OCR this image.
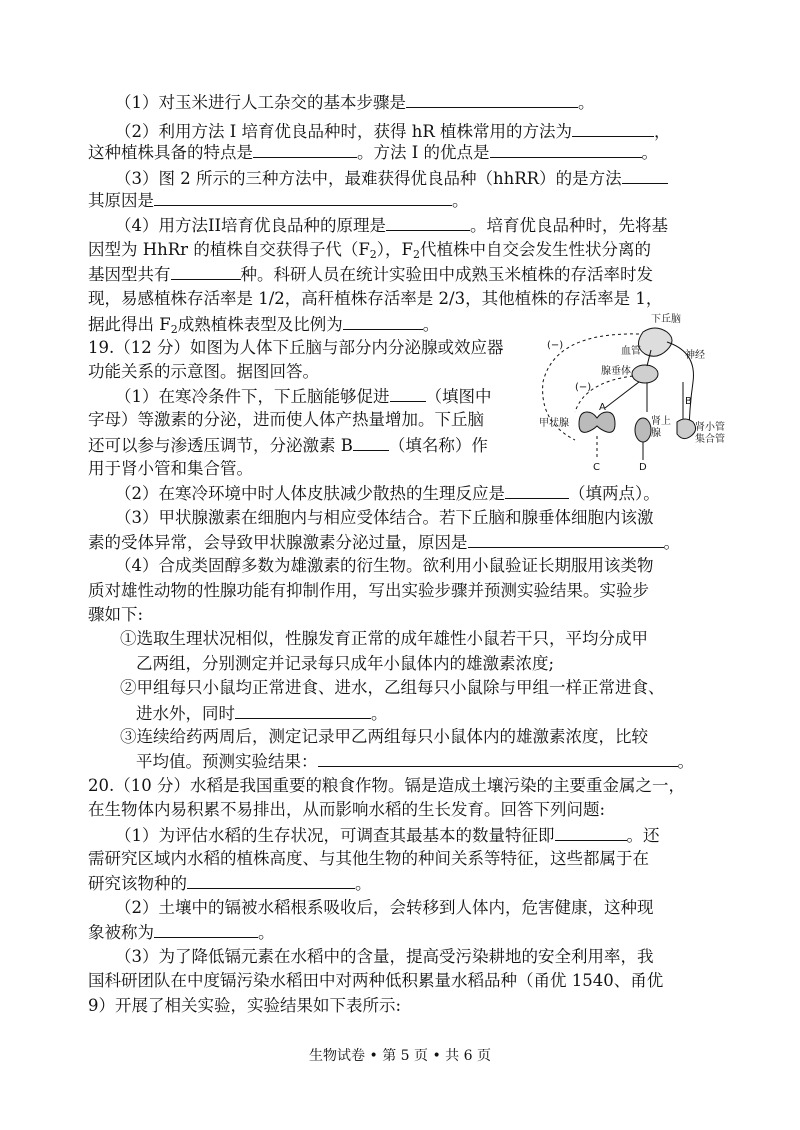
（1）对玉米进行人工杂交的基本步骤是	。
（2）利用方法 I 培育优良品种时，获得 hR 植株常用的方法为	，
这种植株具备的特点是	。方法 I 的优点是	。
（3）图 2 所示的三种方法中，最难获得优良品种（hhRR）的是方法
其原因是	。
（4）用方法II培育优良品种的原理是	。培育优良品种时，先将基
因型为 HhRr 的植株自交获得子代$(F_2)$，$F_2$代植株中自交会发生性状分离的
基因型共有	种。科研人员在统计实验田中成熟玉米植株的存活率时发
现，易感植株存活率是 1/2，高秆植株存活率是 2/3，其他植株的存活率是 1，
据此得出 $F_2$成熟植株表型及比例为	。
19.（12 分）如图为人体下丘脑与部分内分泌腺或效应器
功能关系的示意图。据图回答。
（1）在寒冷条件下，下丘脑能够促进 （填图中
字母）等激素的分泌，进而使人体产热量增加。下丘脑
还可以参与渗透压调节，分泌激素 B （填名称）作
用于肾小管和集合管。
（2）在寒冷环境中时人体皮肤减少散热的生理反应是	（填两点）。
（3）甲状腺激素在细胞内与相应受体结合。若下丘脑和腺垂体细胞内该激
素的受体异常，会导致甲状腺激素分泌过量，原因是	。
（4）合成类固醇多数为雄激素的衍生物。欲利用小鼠验证长期服用该类物
质对雄性动物的性腺功能有抑制作用，写出实验步骤并预测实验结果。实验步
骤如下:
①选取生理状况相似，性腺发育正常的成年雄性小鼠若干只，平均分成甲
乙两组，分别测定并记录每只成年小鼠体内的雄激素浓度;
②甲组每只小鼠均正常进食、进水，乙组每只小鼠除与甲组一样正常进食、
进水外，同时	。
③连续给药两周后，测定记录甲乙两组每只小鼠体内的雄激素浓度，比较
平均值。预测实验结果：	。
20.（10 分）水稻是我国重要的粮食作物。镉是造成土壤污染的主要重金属之一，
在生物体内易积累不易排出，从而影响水稻的生长发育。回答下列问题:
（1）为评估水稻的生存状况，可调查其最基本的数量特征即	。还
需研究区域内水稻的植株高度、与其他生物的种间关系等特征，这些都属于在
研究该物种的	。
（2）土壤中的镉被水稻根系吸收后，会转移到人体内，危害健康，这种现
象被称为	。
（3）为了降低镉元素在水稻中的含量，提高受污染耕地的安全利用率，我
国科研团队在中度镉污染水稻田中对两种低积累量水稻品种（甬优 1540、甬优
9）开展了相关实验，实验结果如下表所示:
下丘脑
血管	神经
腺垂体
(−)
(−)
甲状腺	肾上
腺
肾小管
集合管
A
B
C	D
生物试卷 • 第 5 页 • 共 6 页
